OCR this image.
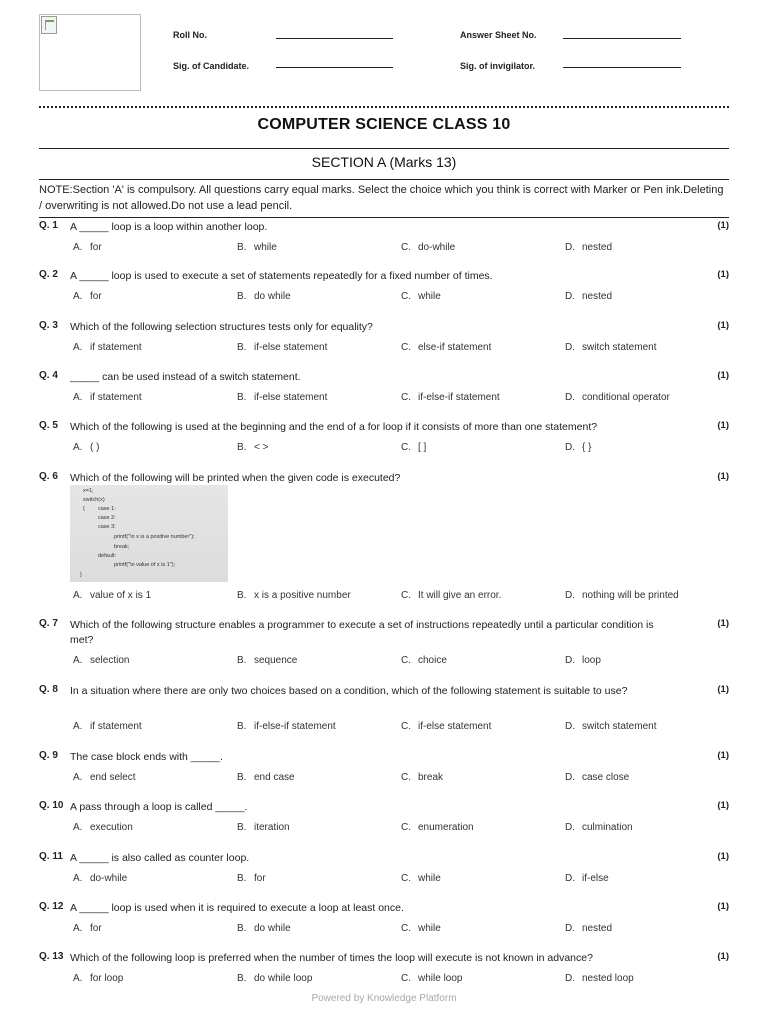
Roll No.	Answer Sheet No.
Sig. of Candidate.	Sig. of invigilator.
COMPUTER SCIENCE CLASS 10
SECTION A (Marks 13)
NOTE:Section 'A' is compulsory. All questions carry equal marks. Select the choice which you think is correct with Marker or Pen ink.Deleting / overwriting is not allowed.Do not use a lead pencil.
Q. 1 A _____ loop is a loop within another loop.	(1)
A. for	B. while	C. do-while	D. nested
Q. 2 A _____ loop is used to execute a set of statements repeatedly for a fixed number of times.	(1)
A. for	B. do while	C. while	D. nested
Q. 3 Which of the following selection structures tests only for equality?	(1)
A. if statement	B. if-else statement	C. else-if statement	D. switch statement
Q. 4 _____ can be used instead of a switch statement.	(1)
A. if statement	B. if-else statement	C. if-else-if statement	D. conditional operator
Q. 5 Which of the following is used at the beginning and the end of a for loop if it consists of more than one statement?	(1)
A. ( )	B. < >	C. [ ]	D. { }
Q. 6 Which of the following will be printed when the given code is executed?	(1)
A. value of x is 1	B. x is a positive number	C. It will give an error.	D. nothing will be printed
Q. 7 Which of the following structure enables a programmer to execute a set of instructions repeatedly until a particular condition is met?
(1)
A. selection	B. sequence	C. choice	D. loop
Q. 8 In a situation where there are only two choices based on a condition, which of the following statement is suitable to use?	(1)
A. if statement	B. if-else-if statement	C. if-else statement	D. switch statement
Q. 9 The case block ends with _____.	(1)
A. end select	B. end case	C. break	D. case close
Q. 10 A pass through a loop is called _____.	(1)
A. execution	B. iteration	C. enumeration	D. culmination
Q. 11 A _____ is also called as counter loop.	(1)
A. do-while	B. for	C. while	D. if-else
Q. 12 A _____ loop is used when it is required to execute a loop at least once.	(1)
A. for	B. do while	C. while	D. nested
Q. 13 Which of the following loop is preferred when the number of times the loop will execute is not known in advance?	(1)
A. for loop	B. do while loop	C. while loop	D. nested loop
x=1;
switch(x)
{ case 1:
case 2:
case 3:
printf("\n x is a positive number");
break;
default:
printf("\n value of x is 1");
}
Powered by Knowledge Platform
